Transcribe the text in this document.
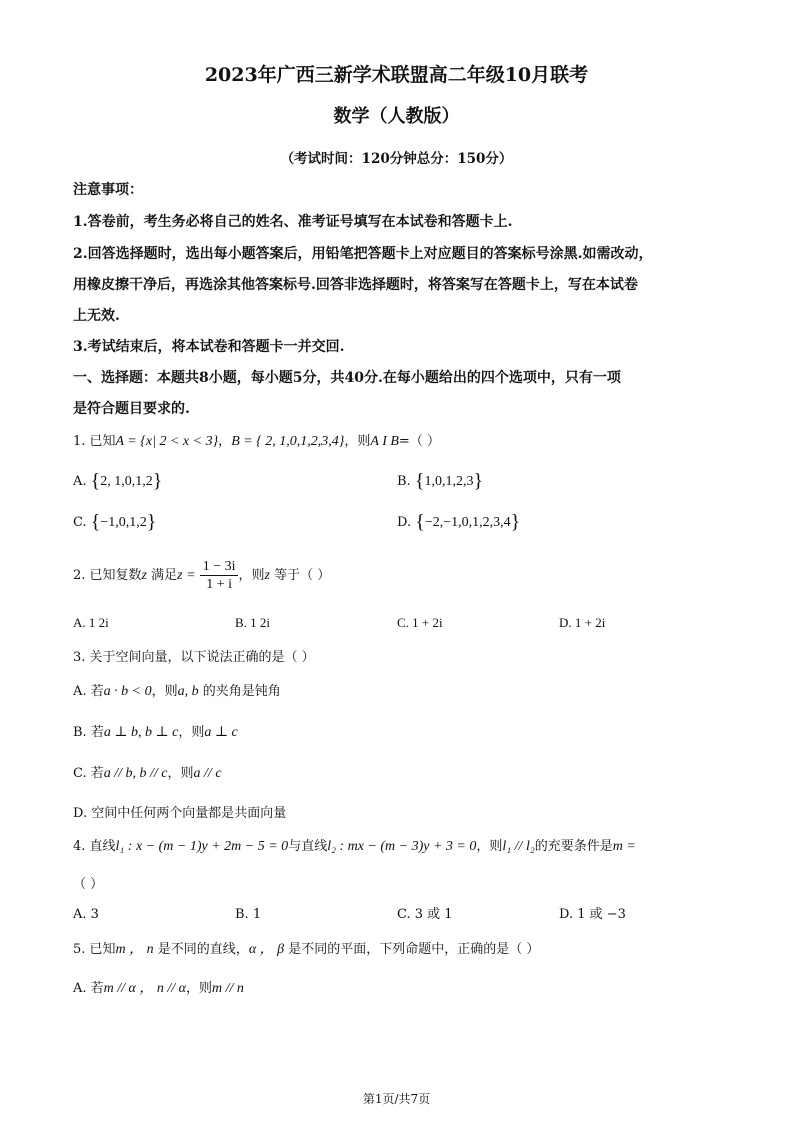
2023年广西三新学术联盟高二年级10月联考
数学（人教版）
（考试时间：120分钟总分：150分）
注意事项：
1.答卷前，考生务必将自己的姓名、准考证号填写在本试卷和答题卡上.
2.回答选择题时，选出每小题答案后，用铅笔把答题卡上对应题目的答案标号涂黑.如需改动，
用橡皮擦干净后，再选涂其他答案标号.回答非选择题时，将答案写在答题卡上，写在本试卷
上无效.
3.考试结束后，将本试卷和答题卡一并交回.
一、选择题：本题共8小题，每小题5分，共40分.在每小题给出的四个选项中，只有一项
是符合题目要求的.
1. 已知A = {x| 2 < x < 3}，B = { 2, 1,0,1,2,3,4}，则A I B=（ ）
A. {2, 1,0,1,2}	B. {1,0,1,2,3}
C. {−1,0,1,2}	D. {−2,−1,0,1,2,3,4}
2. 已知复数z 满足$z = \frac{1 - 3i}{1 + i}$ ，则z 等于（ ）
A. 1 2i	B. 1 2i	C. 1 + 2i	D. 1 + 2i
3. 关于空间向量，以下说法正确的是（ ）
A. 若a · b < 0，则a, b 的夹角是钝角
B. 若a ⊥ b, b ⊥ c，则a ⊥ c
C. 若a // b, b // c，则a // c
D. 空间中任何两个向量都是共面向量
4. 直线l₁ : x − (m − 1)y + 2m − 5 = 0与直线l₂ : mx − (m − 3)y + 3 = 0，则l₁ // l₂的充要条件是m =
（ ）
A. 3	B. 1	C. 3 或 1	D. 1 或 −3
5. 已知m ， n 是不同的直线，α ， β 是不同的平面，下列命题中，正确的是（ ）
A. 若m // α ， n // α，则m // n
第1页/共7页
